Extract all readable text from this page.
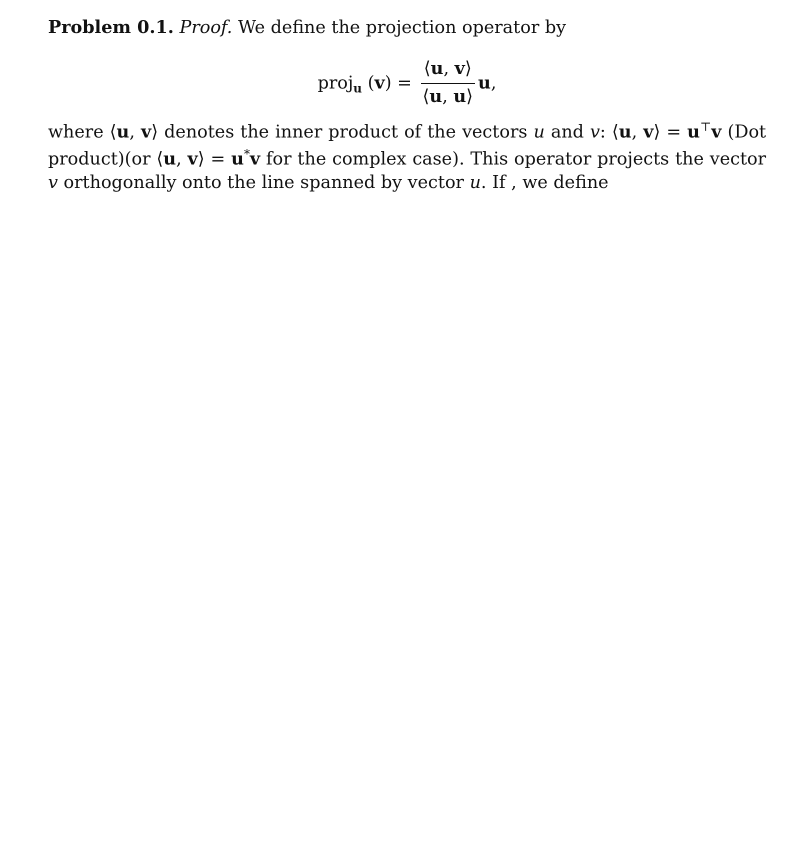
Problem 0.1. Proof. We define the projection operator by

proj$_u$ $(v) = \frac{⟨u, v⟩}{⟨u, u⟩} u$,

where ⟨u, v⟩ denotes the inner product of the vectors u and v: ⟨u, v⟩ = u⊤v (Dot product)(or ⟨u, v⟩ = u*v for the complex case). This operator projects the vector v orthogonally onto the line spanned by vector u. If , we define
